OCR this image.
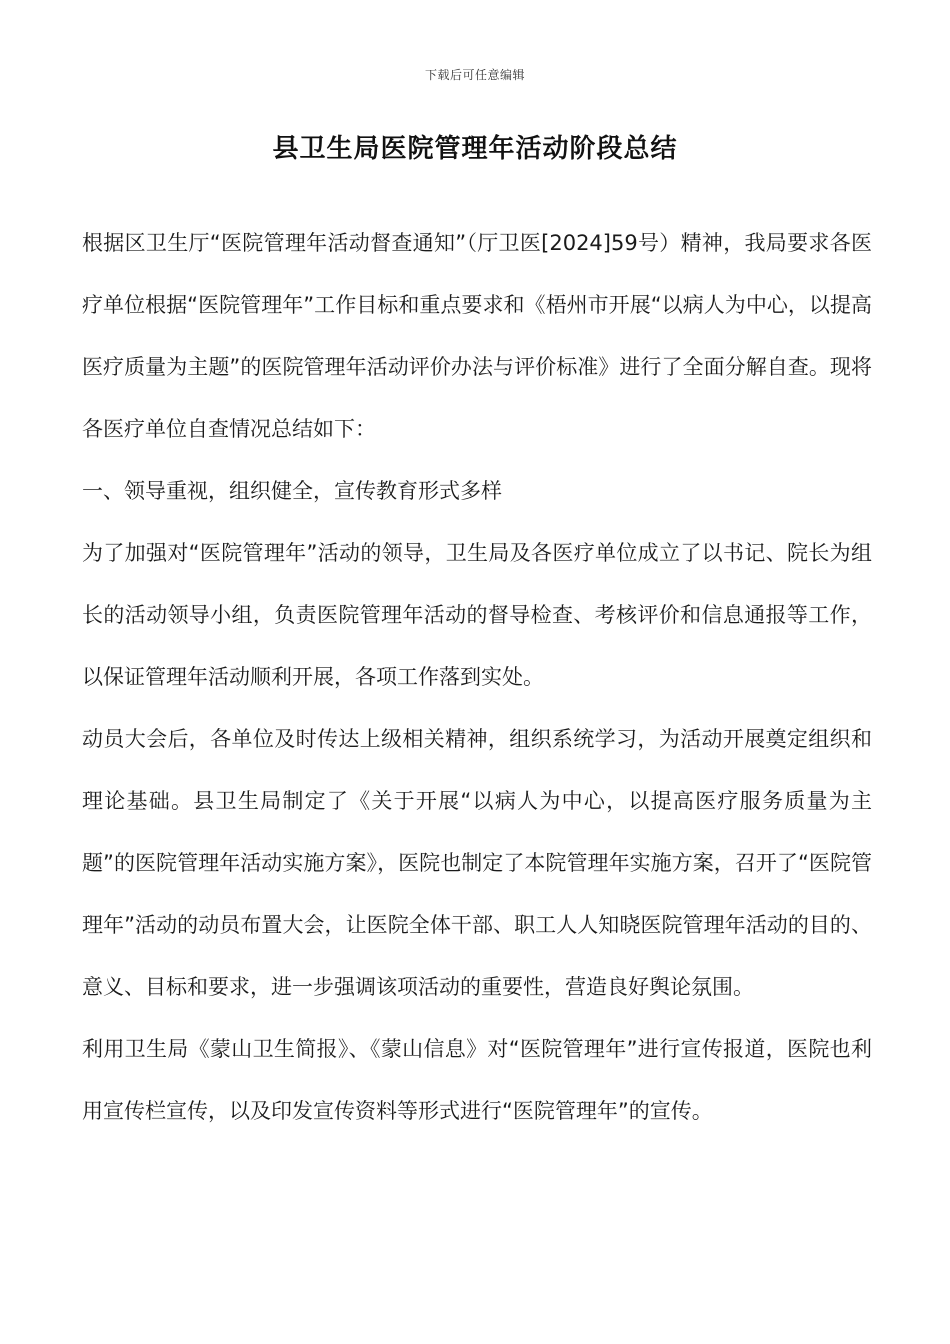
下载后可任意编辑
县卫生局医院管理年活动阶段总结

根据区卫生厅“医院管理年活动督查通知”（厅卫医[2024]59号）精神，我局要求各医疗单位根据“医院管理年”工作目标和重点要求和《梧州市开展“以病人为中心，以提高医疗质量为主题”的医院管理年活动评价办法与评价标准》进行了全面分解自查。现将各医疗单位自查情况总结如下：

一、领导重视，组织健全，宣传教育形式多样

为了加强对“医院管理年”活动的领导，卫生局及各医疗单位成立了以书记、院长为组长的活动领导小组，负责医院管理年活动的督导检查、考核评价和信息通报等工作，以保证管理年活动顺利开展，各项工作落到实处。

动员大会后，各单位及时传达上级相关精神，组织系统学习，为活动开展奠定组织和理论基础。县卫生局制定了《关于开展“以病人为中心，以提高医疗服务质量为主题”的医院管理年活动实施方案》，医院也制定了本院管理年实施方案，召开了“医院管理年”活动的动员布置大会，让医院全体干部、职工人人知晓医院管理年活动的目的、意义、目标和要求，进一步强调该项活动的重要性，营造良好舆论氛围。

利用卫生局《蒙山卫生简报》、《蒙山信息》对“医院管理年”进行宣传报道，医院也利用宣传栏宣传，以及印发宣传资料等形式进行“医院管理年”的宣传。
